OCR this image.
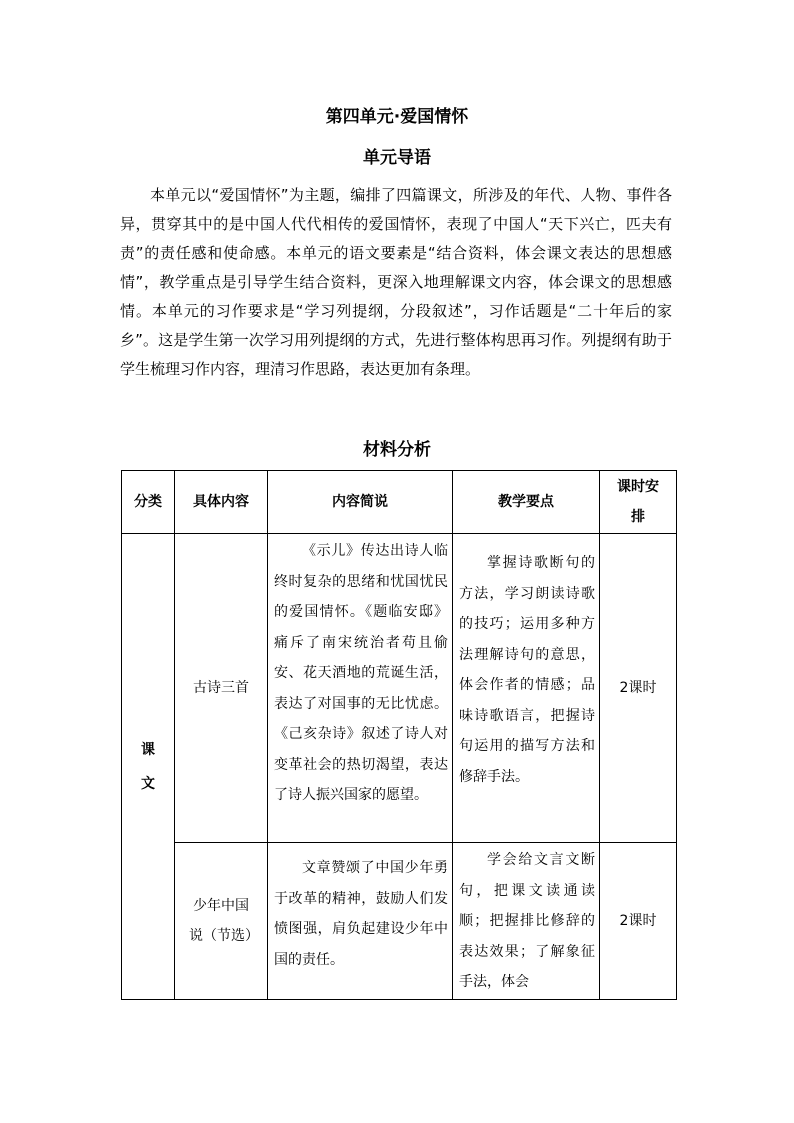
第四单元·爱国情怀
单元导语

本单元以“爱国情怀”为主题，编排了四篇课文，所涉及的年代、人物、事件各异，贯穿其中的是中国人代代相传的爱国情怀，表现了中国人“天下兴亡，匹夫有责”的责任感和使命感。本单元的语文要素是“结合资料，体会课文表达的思想感情”，教学重点是引导学生结合资料，更深入地理解课文内容，体会课文的思想感情。本单元的习作要求是“学习列提纲，分段叙述”，习作话题是“二十年后的家乡”。这是学生第一次学习用列提纲的方式，先进行整体构思再习作。列提纲有助于学生梳理习作内容，理清习作思路，表达更加有条理。

材料分析
分类	具体内容	内容简说	教学要点	课时安排
课文	古诗三首	《示儿》传达出诗人临终时复杂的思绪和忧国忧民的爱国情怀。《题临安邸》痛斥了南宋统治者苟且偷安、花天酒地的荒诞生活，表达了对国事的无比忧虑。《己亥杂诗》叙述了诗人对变革社会的热切渴望，表达了诗人振兴国家的愿望。	掌握诗歌断句的方法，学习朗读诗歌的技巧；运用多种方法理解诗句的意思，体会作者的情感；品味诗歌语言，把握诗句运用的描写方法和修辞手法。	2课时
	少年中国说（节选）	文章赞颂了中国少年勇于改革的精神，鼓励人们发愤图强，肩负起建设少年中国的责任。	学会给文言文断句，把课文读通读顺；把握排比修辞的表达效果；了解象征手法，体会	2课时
